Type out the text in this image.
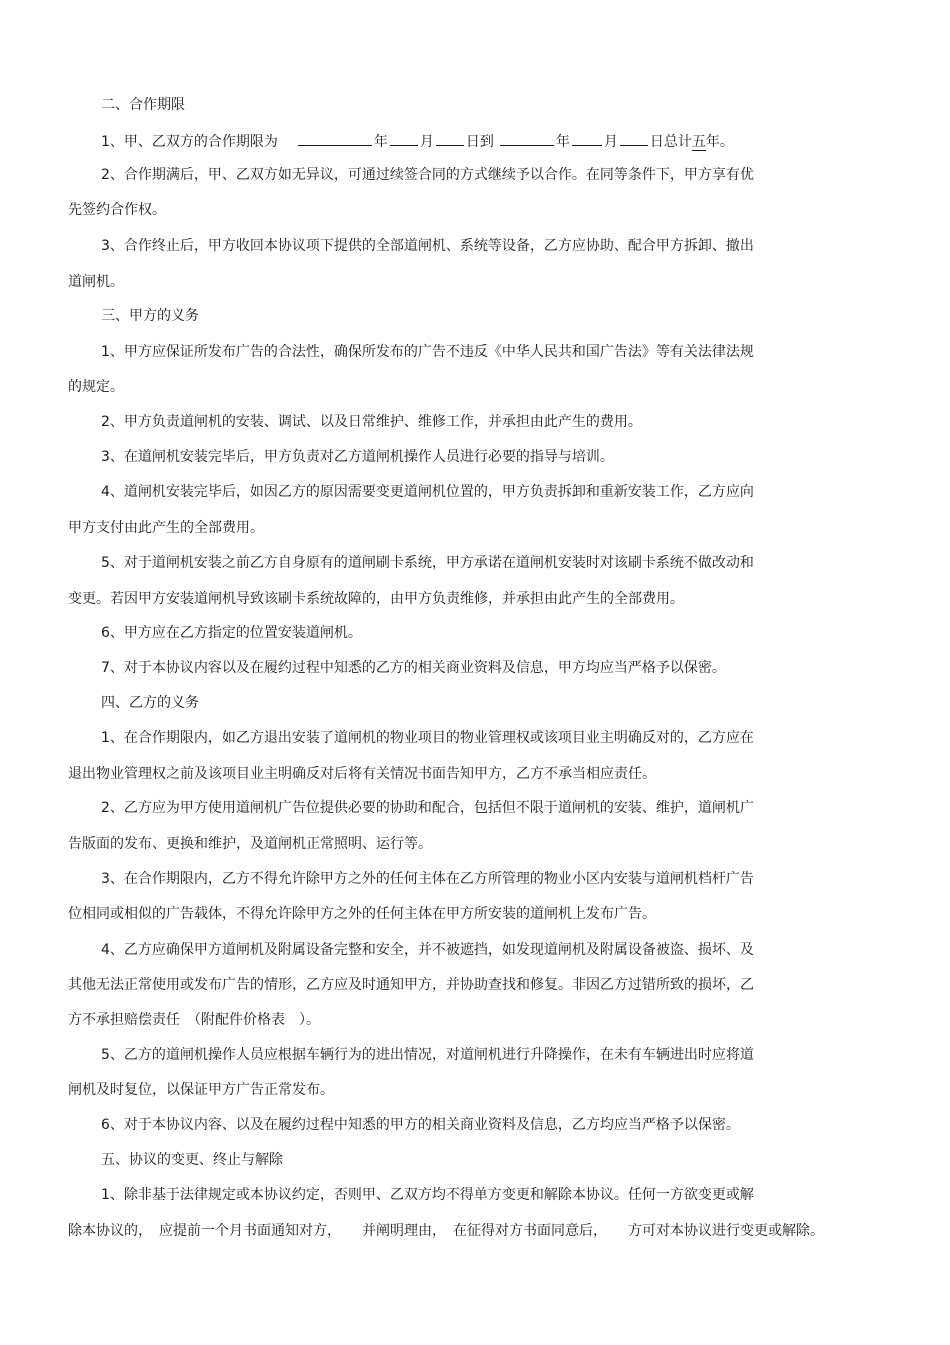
二、合作期限
1、甲、乙双方的合作期限为	年 月 日到	年 月 日总计五年。
2、合作期满后，甲、乙双方如无异议，可通过续签合同的方式继续予以合作。在同等条件下，甲方享有优
先签约合作权。
3、合作终止后，甲方收回本协议项下提供的全部道闸机、系统等设备，乙方应协助、配合甲方拆卸、撤出
道闸机。
三、甲方的义务
1、甲方应保证所发布广告的合法性，确保所发布的广告不违反《中华人民共和国广告法》等有关法律法规
的规定。
2、甲方负责道闸机的安装、调试、以及日常维护、维修工作，并承担由此产生的费用。
3、在道闸机安装完毕后，甲方负责对乙方道闸机操作人员进行必要的指导与培训。
4、道闸机安装完毕后，如因乙方的原因需要变更道闸机位置的，甲方负责拆卸和重新安装工作，乙方应向
甲方支付由此产生的全部费用。
5、对于道闸机安装之前乙方自身原有的道闸刷卡系统，甲方承诺在道闸机安装时对该刷卡系统不做改动和
变更。若因甲方安装道闸机导致该刷卡系统故障的，由甲方负责维修，并承担由此产生的全部费用。
6、甲方应在乙方指定的位置安装道闸机。
7、对于本协议内容以及在履约过程中知悉的乙方的相关商业资料及信息，甲方均应当严格予以保密。
四、乙方的义务
1、在合作期限内，如乙方退出安装了道闸机的物业项目的物业管理权或该项目业主明确反对的，乙方应在
退出物业管理权之前及该项目业主明确反对后将有关情况书面告知甲方，乙方不承当相应责任。
2、乙方应为甲方使用道闸机广告位提供必要的协助和配合，包括但不限于道闸机的安装、维护，道闸机广
告版面的发布、更换和维护，及道闸机正常照明、运行等。
3、在合作期限内，乙方不得允许除甲方之外的任何主体在乙方所管理的物业小区内安装与道闸机档杆广告
位相同或相似的广告载体，不得允许除甲方之外的任何主体在甲方所安装的道闸机上发布广告。
4、乙方应确保甲方道闸机及附属设备完整和安全，并不被遮挡，如发现道闸机及附属设备被盗、损坏、及
其他无法正常使用或发布广告的情形，乙方应及时通知甲方，并协助查找和修复。非因乙方过错所致的损坏，乙
方不承担赔偿责任　（附配件价格表　）。
5、乙方的道闸机操作人员应根据车辆行为的进出情况，对道闸机进行升降操作，在未有车辆进出时应将道
闸机及时复位，以保证甲方广告正常发布。
6、对于本协议内容、以及在履约过程中知悉的甲方的相关商业资料及信息，乙方均应当严格予以保密。
五、协议的变更、终止与解除
1、除非基于法律规定或本协议约定，否则甲、乙双方均不得单方变更和解除本协议。任何一方欲变更或解
除本协议的，　应提前一个月书面通知对方，　　并阐明理由，　在征得对方书面同意后，　　方可对本协议进行变更或解除。
